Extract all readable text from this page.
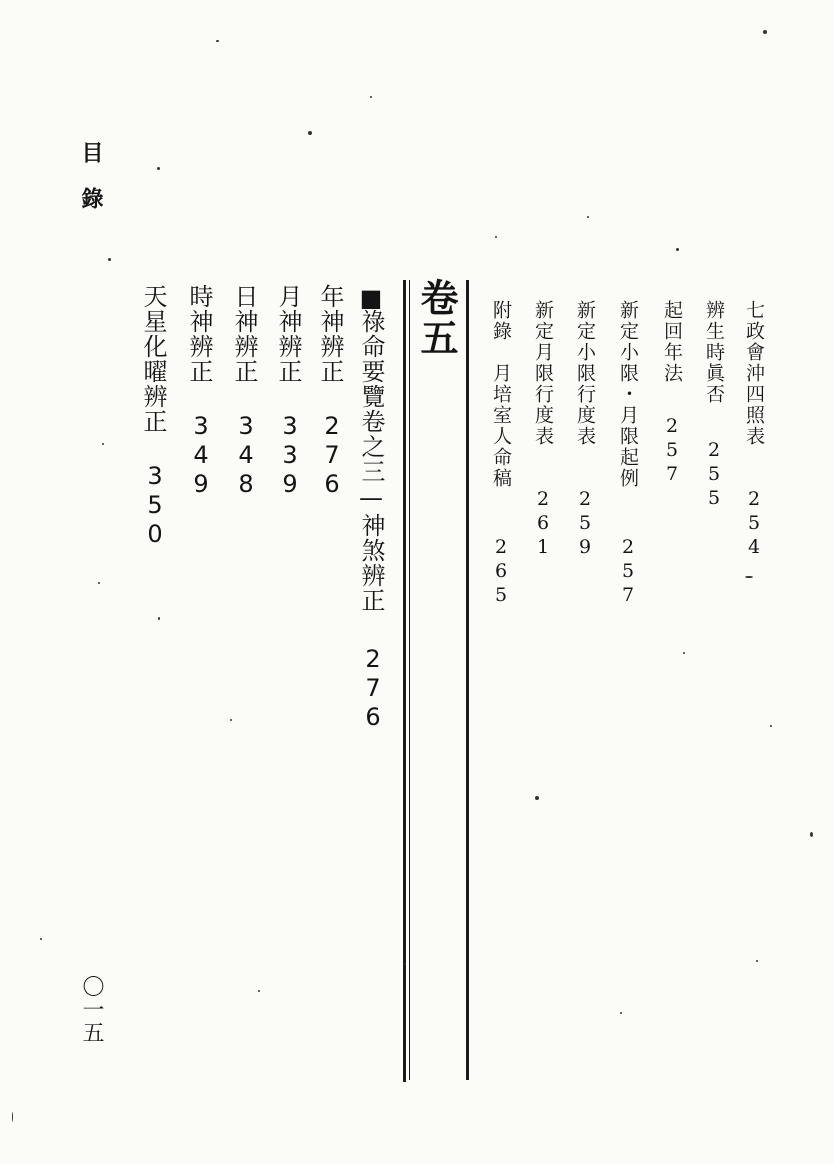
目
錄
七政會沖四照表
254
辨生時眞否
255
起回年法
257
新定小限・月限起例
257
新定小限行度表
259
新定月限行度表
261
附錄　月培室人命稿
265
卷五
■
祿命要覽卷之三—神煞辨正
276
年神辨正
276
月神辨正
339
日神辨正
348
時神辨正
349
天星化曜辨正
350
〇一五
